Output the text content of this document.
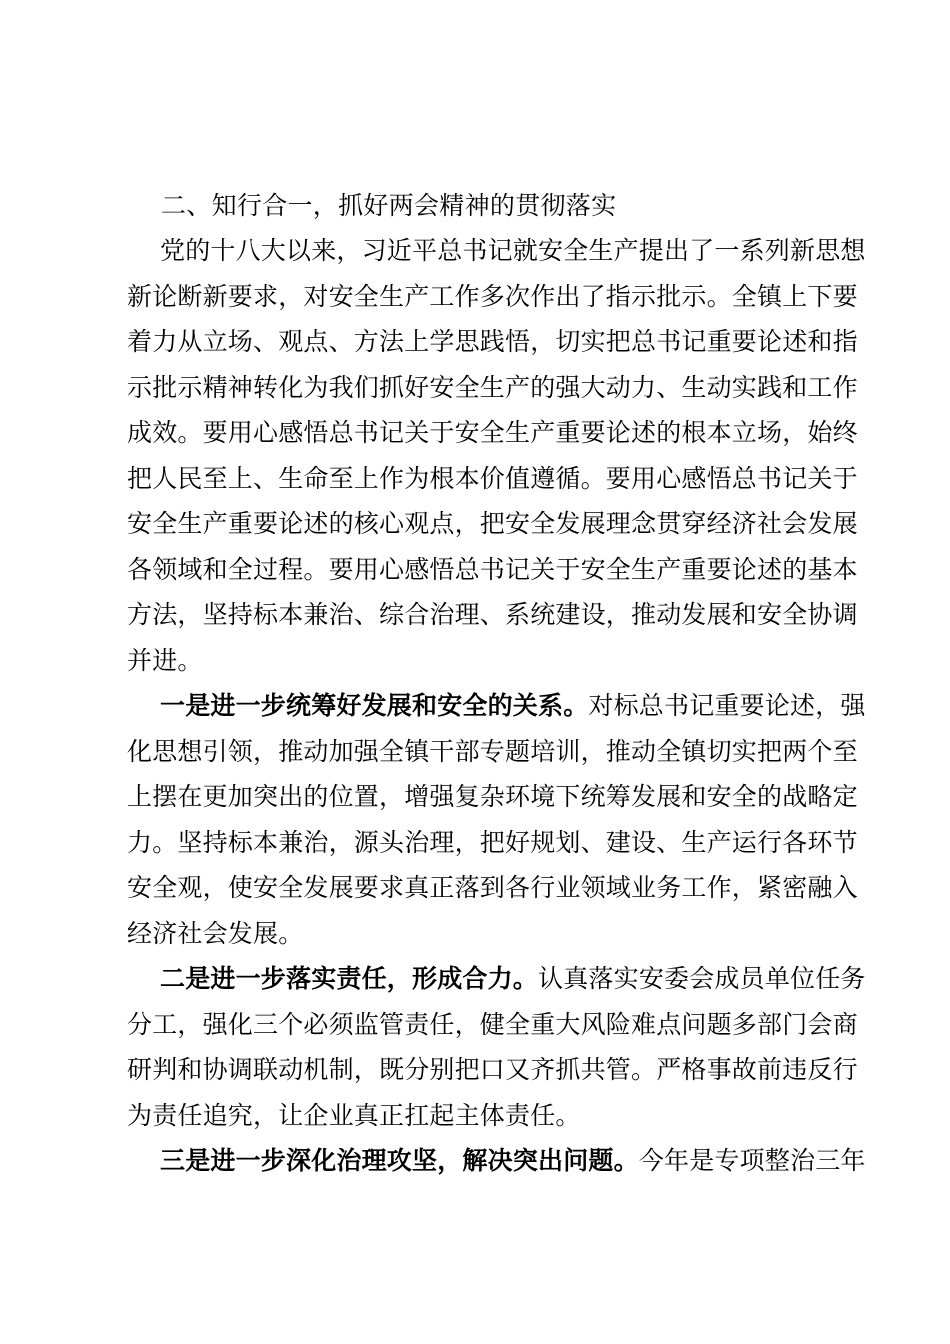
二、知行合一，抓好两会精神的贯彻落实

党的十八大以来，习近平总书记就安全生产提出了一系列新思想
新论断新要求，对安全生产工作多次作出了指示批示。全镇上下要
着力从立场、观点、方法上学思践悟，切实把总书记重要论述和指
示批示精神转化为我们抓好安全生产的强大动力、生动实践和工作
成效。要用心感悟总书记关于安全生产重要论述的根本立场，始终
把人民至上、生命至上作为根本价值遵循。要用心感悟总书记关于
安全生产重要论述的核心观点，把安全发展理念贯穿经济社会发展
各领域和全过程。要用心感悟总书记关于安全生产重要论述的基本
方法，坚持标本兼治、综合治理、系统建设，推动发展和安全协调
并进。

一是进一步统筹好发展和安全的关系。对标总书记重要论述，强
化思想引领，推动加强全镇干部专题培训，推动全镇切实把两个至
上摆在更加突出的位置，增强复杂环境下统筹发展和安全的战略定
力。坚持标本兼治，源头治理，把好规划、建设、生产运行各环节
安全观，使安全发展要求真正落到各行业领域业务工作，紧密融入
经济社会发展。

二是进一步落实责任，形成合力。认真落实安委会成员单位任务
分工，强化三个必须监管责任，健全重大风险难点问题多部门会商
研判和协调联动机制，既分别把口又齐抓共管。严格事故前违反行
为责任追究，让企业真正扛起主体责任。

三是进一步深化治理攻坚，解决突出问题。今年是专项整治三年
